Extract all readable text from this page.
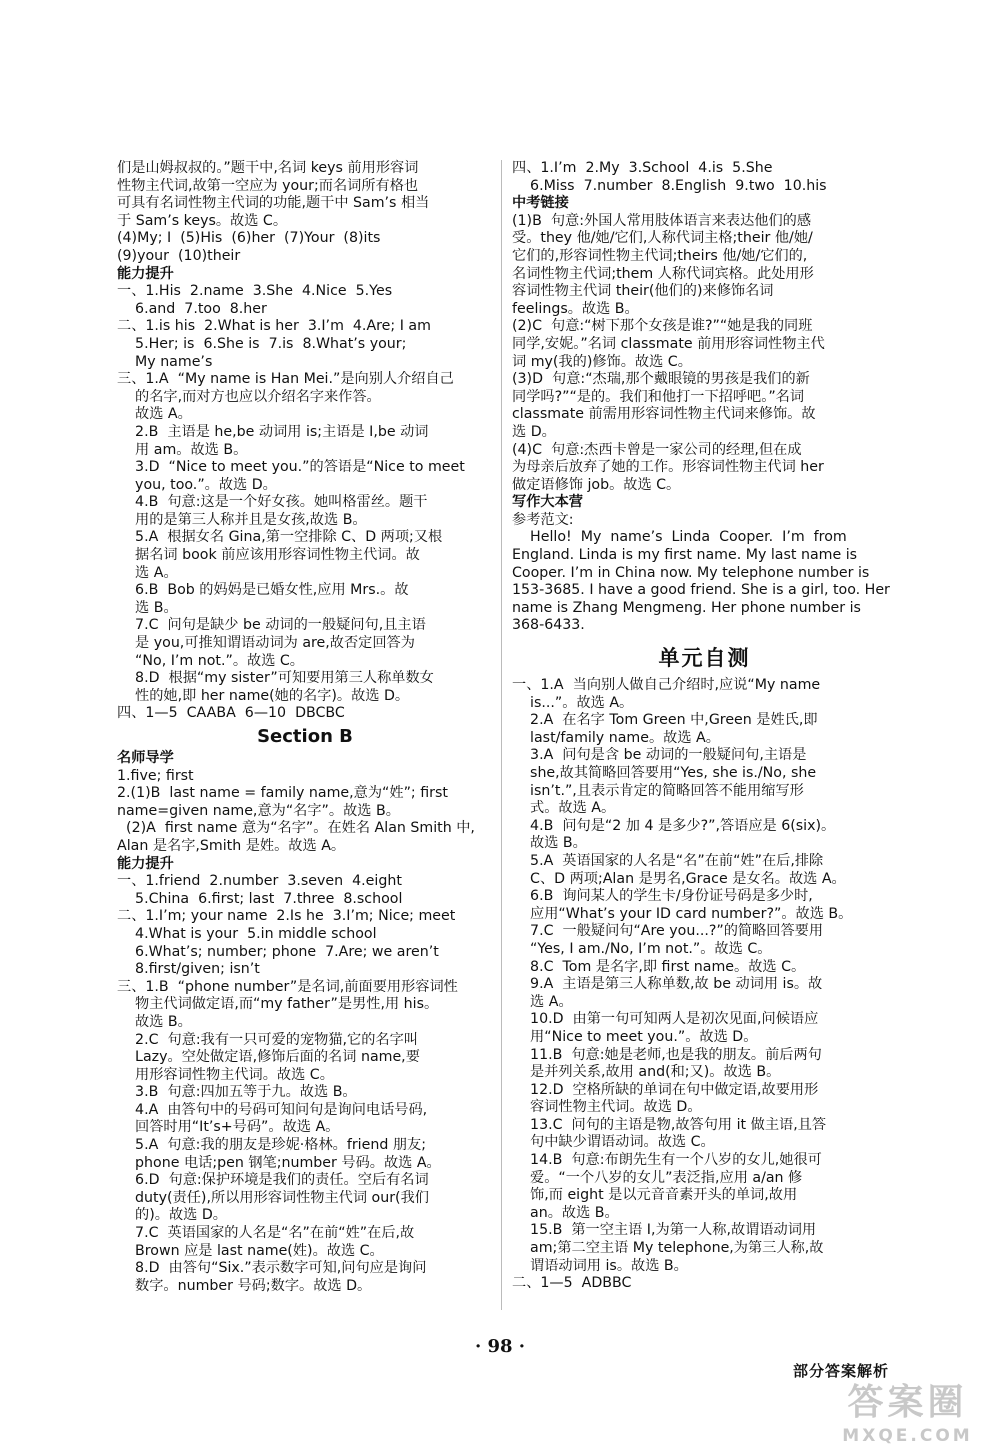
们是山姆叔叔的。”题干中,名词 keys 前用形容词
性物主代词,故第一空应为 your;而名词所有格也
可具有名词性物主代词的功能,题干中 Sam’s 相当
于 Sam’s keys。故选 C。
(4)My; I  (5)His  (6)her  (7)Your  (8)its
(9)your  (10)their
能力提升
一、1.His  2.name  3.She  4.Nice  5.Yes
6.and  7.too  8.her
二、1.is his  2.What is her  3.I’m  4.Are; I am
5.Her; is  6.She is  7.is  8.What’s your;
My name’s
三、1.A  “My name is Han Mei.”是向别人介绍自己
的名字,而对方也应以介绍名字来作答。
故选 A。
2.B  主语是 he,be 动词用 is;主语是 I,be 动词
用 am。故选 B。
3.D  “Nice to meet you.”的答语是“Nice to meet
you, too.”。故选 D。
4.B  句意:这是一个好女孩。她叫格雷丝。题干
用的是第三人称并且是女孩,故选 B。
5.A  根据女名 Gina,第一空排除 C、D 两项;又根
据名词 book 前应该用形容词性物主代词。故
选 A。
6.B  Bob 的妈妈是已婚女性,应用 Mrs.。故
选 B。
7.C  问句是缺少 be 动词的一般疑问句,且主语
是 you,可推知谓语动词为 are,故否定回答为
“No, I’m not.”。故选 C。
8.D  根据“my sister”可知要用第三人称单数女
性的她,即 her name(她的名字)。故选 D。
四、1—5  CAABA  6—10  DBCBC
Section B
名师导学
1.five; first
2.(1)B  last name = family name,意为“姓”; first
name=given name,意为“名字”。故选 B。
(2)A  first name 意为“名字”。在姓名 Alan Smith 中,
Alan 是名字,Smith 是姓。故选 A。
能力提升
一、1.friend  2.number  3.seven  4.eight
5.China  6.first; last  7.three  8.school
二、1.I’m; your name  2.Is he  3.I’m; Nice; meet
4.What is your  5.in middle school
6.What’s; number; phone  7.Are; we aren’t
8.first/given; isn’t
三、1.B  “phone number”是名词,前面要用形容词性
物主代词做定语,而“my father”是男性,用 his。
故选 B。
2.C  句意:我有一只可爱的宠物猫,它的名字叫
Lazy。空处做定语,修饰后面的名词 name,要
用形容词性物主代词。故选 C。
3.B  句意:四加五等于九。故选 B。
4.A  由答句中的号码可知问句是询问电话号码,
回答时用“It’s+号码”。故选 A。
5.A  句意:我的朋友是珍妮·格林。friend 朋友;
phone 电话;pen 钢笔;number 号码。故选 A。
6.D  句意:保护环境是我们的责任。空后有名词
duty(责任),所以用形容词性物主代词 our(我们
的)。故选 D。
7.C  英语国家的人名是“名”在前“姓”在后,故
Brown 应是 last name(姓)。故选 C。
8.D  由答句“Six.”表示数字可知,问句应是询问
数字。number 号码;数字。故选 D。
四、1.I’m  2.My  3.School  4.is  5.She
6.Miss  7.number  8.English  9.two  10.his
中考链接
(1)B  句意:外国人常用肢体语言来表达他们的感
受。they 他/她/它们,人称代词主格;their 他/她/
它们的,形容词性物主代词;theirs 他/她/它们的,
名词性物主代词;them 人称代词宾格。此处用形
容词性物主代词 their(他们的)来修饰名词
feelings。故选 B。
(2)C  句意:“树下那个女孩是谁?”“她是我的同班
同学,安妮。”名词 classmate 前用形容词性物主代
词 my(我的)修饰。故选 C。
(3)D  句意:“杰瑞,那个戴眼镜的男孩是我们的新
同学吗?”“是的。我们和他打一下招呼吧。”名词
classmate 前需用形容词性物主代词来修饰。故
选 D。
(4)C  句意:杰西卡曾是一家公司的经理,但在成
为母亲后放弃了她的工作。形容词性物主代词 her
做定语修饰 job。故选 C。
写作大本营
参考范文:
Hello!  My  name’s  Linda  Cooper.  I’m  from
England. Linda is my first name. My last name is
Cooper. I’m in China now. My telephone number is
153-3685. I have a good friend. She is a girl, too. Her
name is Zhang Mengmeng. Her phone number is
368-6433.
单元自测
一、1.A  当向别人做自己介绍时,应说“My name
is...”。故选 A。
2.A  在名字 Tom Green 中,Green 是姓氏,即
last/family name。故选 A。
3.A  问句是含 be 动词的一般疑问句,主语是
she,故其简略回答要用“Yes, she is./No, she
isn’t.”,且表示肯定的简略回答不能用缩写形
式。故选 A。
4.B  问句是“2 加 4 是多少?”,答语应是 6(six)。
故选 B。
5.A  英语国家的人名是“名”在前“姓”在后,排除
C、D 两项;Alan 是男名,Grace 是女名。故选 A。
6.B  询问某人的学生卡/身份证号码是多少时,
应用“What’s your ID card number?”。故选 B。
7.C  一般疑问句“Are you...?”的简略回答要用
“Yes, I am./No, I’m not.”。故选 C。
8.C  Tom 是名字,即 first name。故选 C。
9.A  主语是第三人称单数,故 be 动词用 is。故
选 A。
10.D  由第一句可知两人是初次见面,问候语应
用“Nice to meet you.”。故选 D。
11.B  句意:她是老师,也是我的朋友。前后两句
是并列关系,故用 and(和;又)。故选 B。
12.D  空格所缺的单词在句中做定语,故要用形
容词性物主代词。故选 D。
13.C  问句的主语是物,故答句用 it 做主语,且答
句中缺少谓语动词。故选 C。
14.B  句意:布朗先生有一个八岁的女儿,她很可
爱。“一个八岁的女儿”表泛指,应用 a/an 修
饰,而 eight 是以元音音素开头的单词,故用
an。故选 B。
15.B  第一空主语 I,为第一人称,故谓语动词用
am;第二空主语 My telephone,为第三人称,故
谓语动词用 is。故选 B。
二、1—5  ADBBC
· 98 ·
部分答案解析
答案圈
MXQE.COM
